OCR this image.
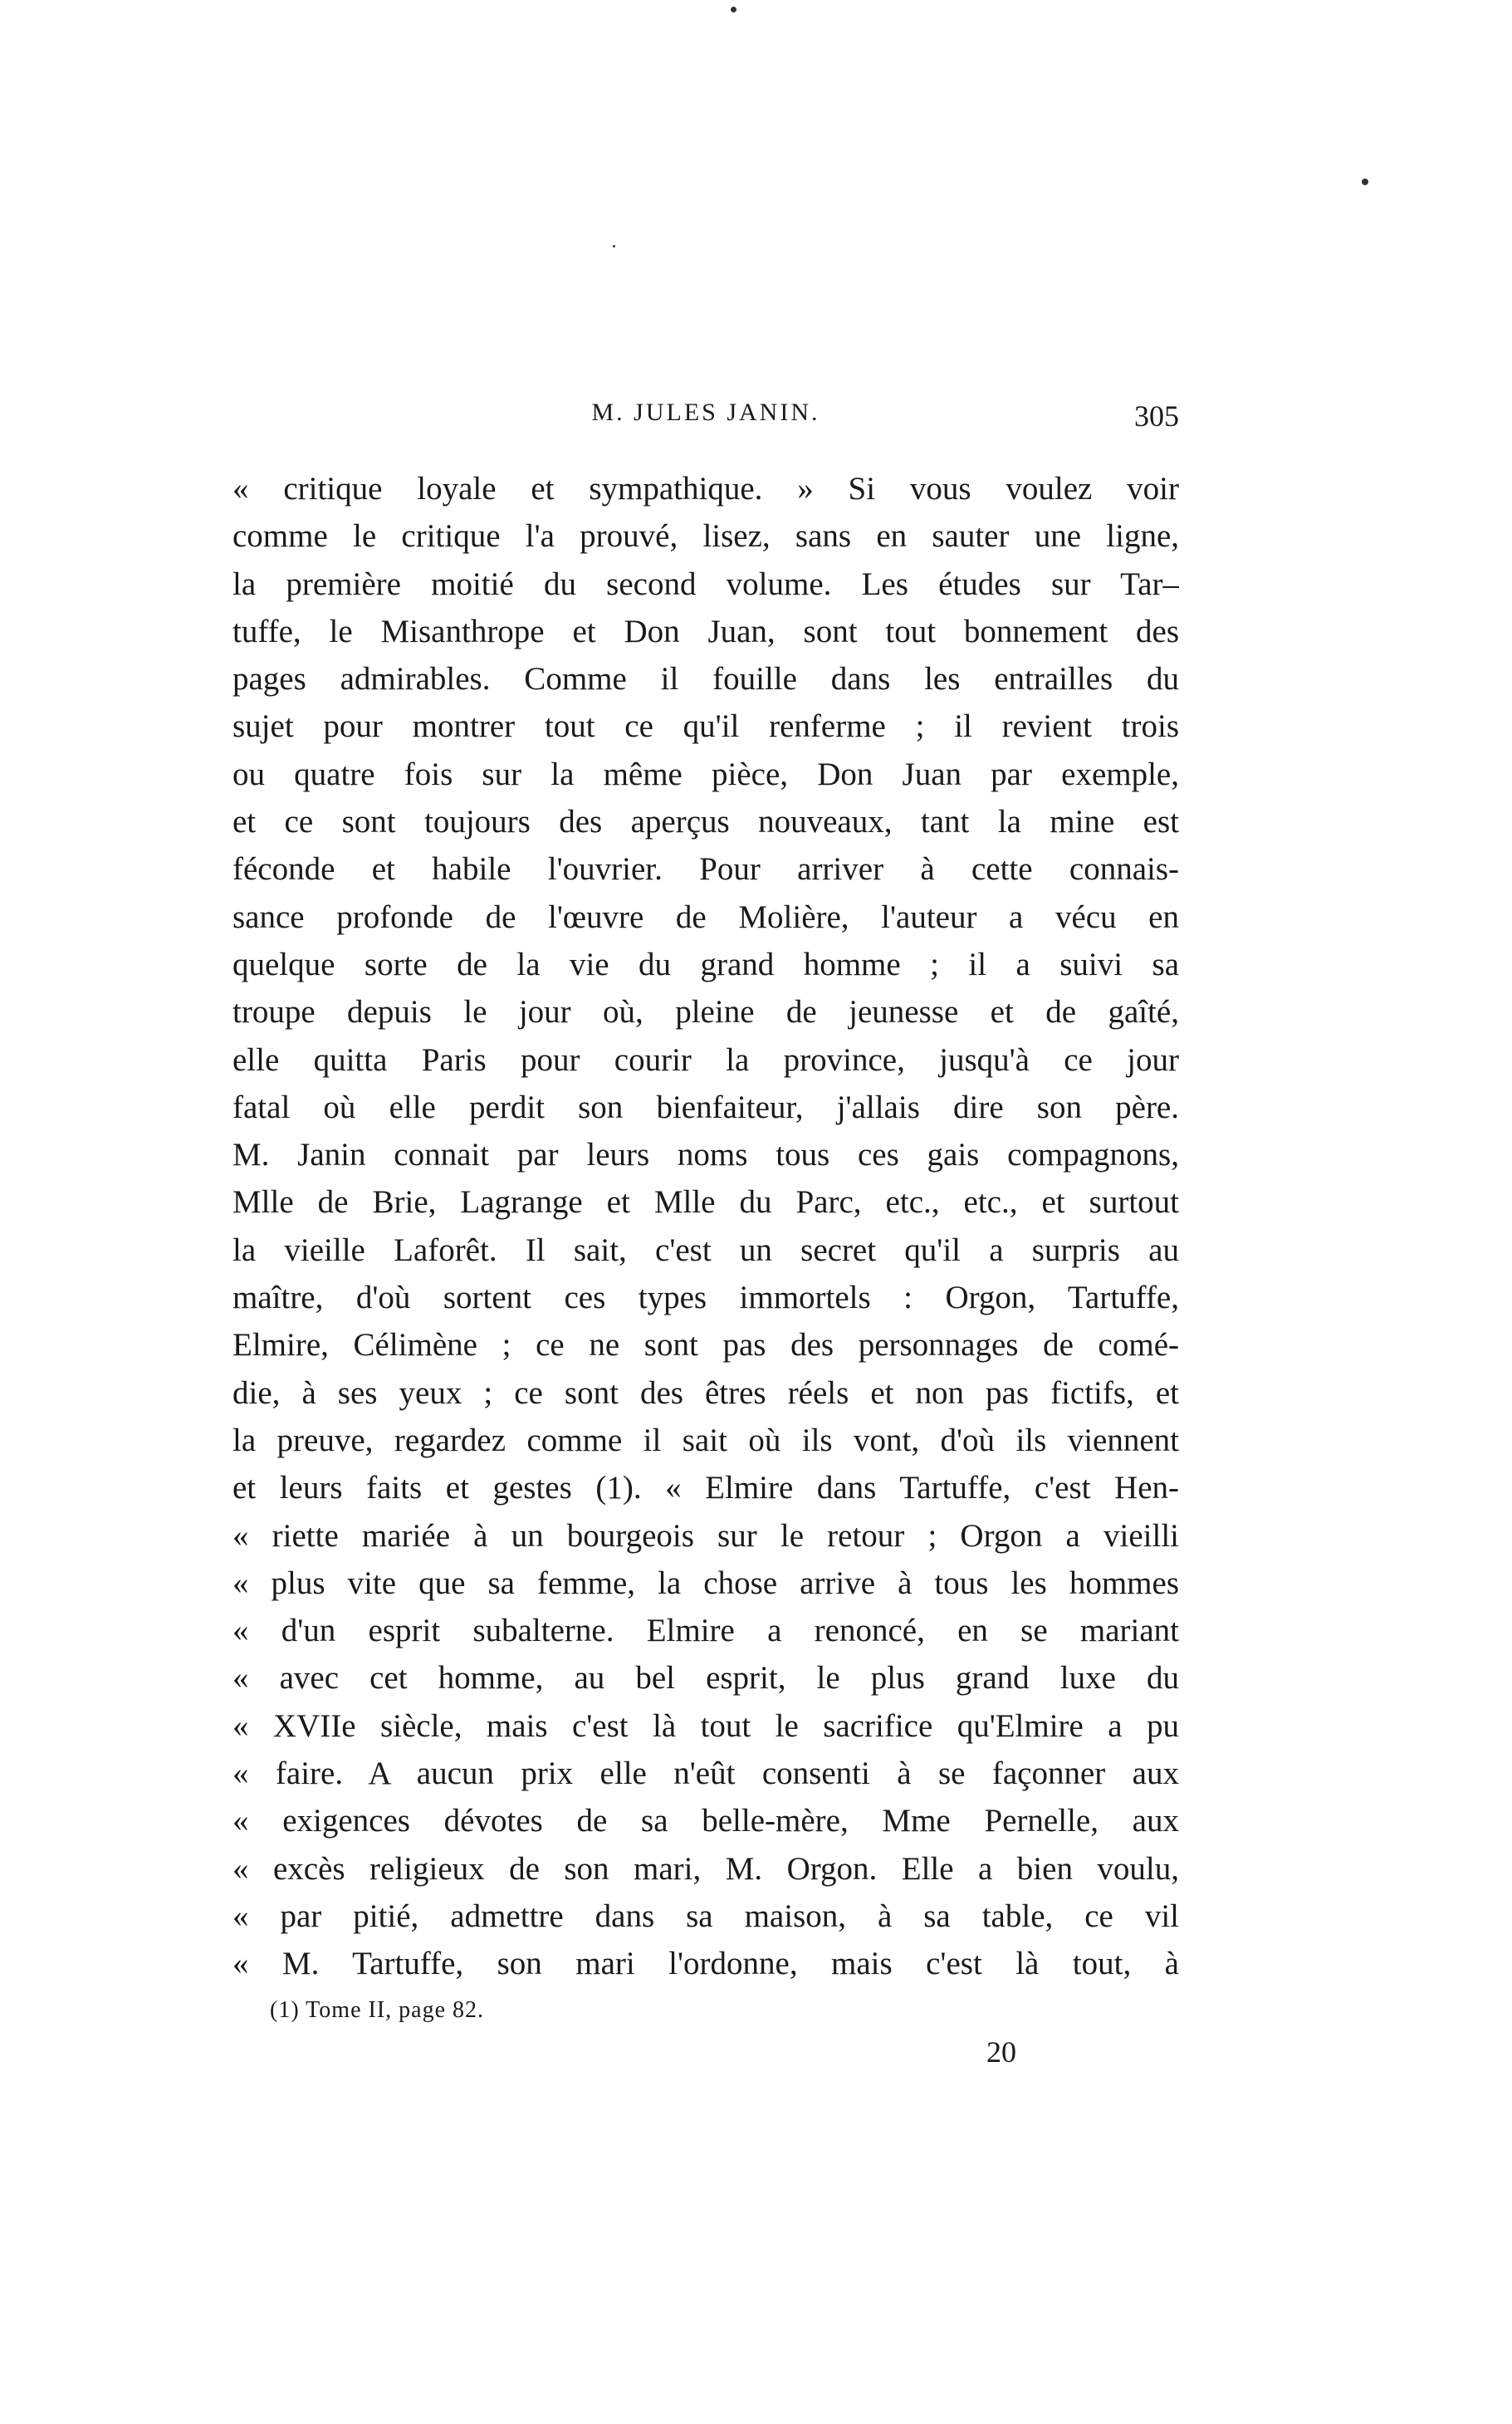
M. JULES JANIN.	305
« critique loyale et sympathique. » Si vous voulez voir
comme le critique l'a prouvé, lisez, sans en sauter une ligne,
la première moitié du second volume. Les études sur Tar–
tuffe, le Misanthrope et Don Juan, sont tout bonnement des
pages admirables. Comme il fouille dans les entrailles du
sujet pour montrer tout ce qu'il renferme ; il revient trois
ou quatre fois sur la même pièce, Don Juan par exemple,
et ce sont toujours des aperçus nouveaux, tant la mine est
féconde et habile l'ouvrier. Pour arriver à cette connais-
sance profonde de l'œuvre de Molière, l'auteur a vécu en
quelque sorte de la vie du grand homme ; il a suivi sa
troupe depuis le jour où, pleine de jeunesse et de gaîté,
elle quitta Paris pour courir la province, jusqu'à ce jour
fatal où elle perdit son bienfaiteur, j'allais dire son père.
M. Janin connait par leurs noms tous ces gais compagnons,
Mlle de Brie, Lagrange et Mlle du Parc, etc., etc., et surtout
la vieille Laforêt. Il sait, c'est un secret qu'il a surpris au
maître, d'où sortent ces types immortels : Orgon, Tartuffe,
Elmire, Célimène ; ce ne sont pas des personnages de comé-
die, à ses yeux ; ce sont des êtres réels et non pas fictifs, et
la preuve, regardez comme il sait où ils vont, d'où ils viennent
et leurs faits et gestes (1). « Elmire dans Tartuffe, c'est Hen-
« riette mariée à un bourgeois sur le retour ; Orgon a vieilli
« plus vite que sa femme, la chose arrive à tous les hommes
« d'un esprit subalterne. Elmire a renoncé, en se mariant
« avec cet homme, au bel esprit, le plus grand luxe du
« XVIIe siècle, mais c'est là tout le sacrifice qu'Elmire a pu
« faire. A aucun prix elle n'eût consenti à se façonner aux
« exigences dévotes de sa belle-mère, Mme Pernelle, aux
« excès religieux de son mari, M. Orgon. Elle a bien voulu,
« par pitié, admettre dans sa maison, à sa table, ce vil
« M. Tartuffe, son mari l'ordonne, mais c'est là tout, à
(1) Tome II, page 82.
20
